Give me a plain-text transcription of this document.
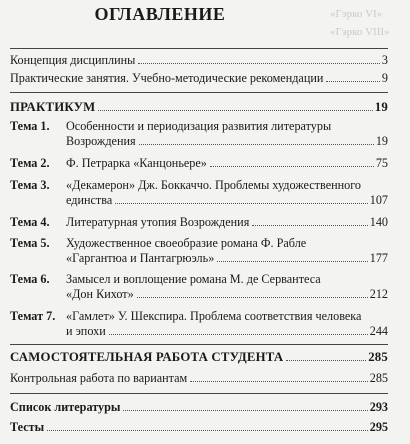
«Гэрко VI»
«Гэрко VIII»
ОГЛАВЛЕНИЕ
Концепция дисциплины	3
Практические занятия. Учебно-методические рекомендации	9
ПРАКТИКУМ	19
Тема 1.	Особенности и периодизация развития литературы
Возрождения	19
Тема 2.	Ф. Петрарка «Канцоньере»	75
Тема 3.	«Декамерон» Дж. Боккаччо. Проблемы художественного
единства	107
Тема 4.	Литературная утопия Возрождения	140
Тема 5.	Художественное своеобразие романа Ф. Рабле
«Гаргантюа и Пантагрюэль»	177
Тема 6.	Замысел и воплощение романа М. де Сервантеса
«Дон Кихот»	212
Темат 7. «Гамлет» У. Шекспира. Проблема соответствия человека
и эпохи	244
САМОСТОЯТЕЛЬНАЯ РАБОТА СТУДЕНТА	285
Контрольная работа по вариантам	285
Список литературы	293
Тесты	295
